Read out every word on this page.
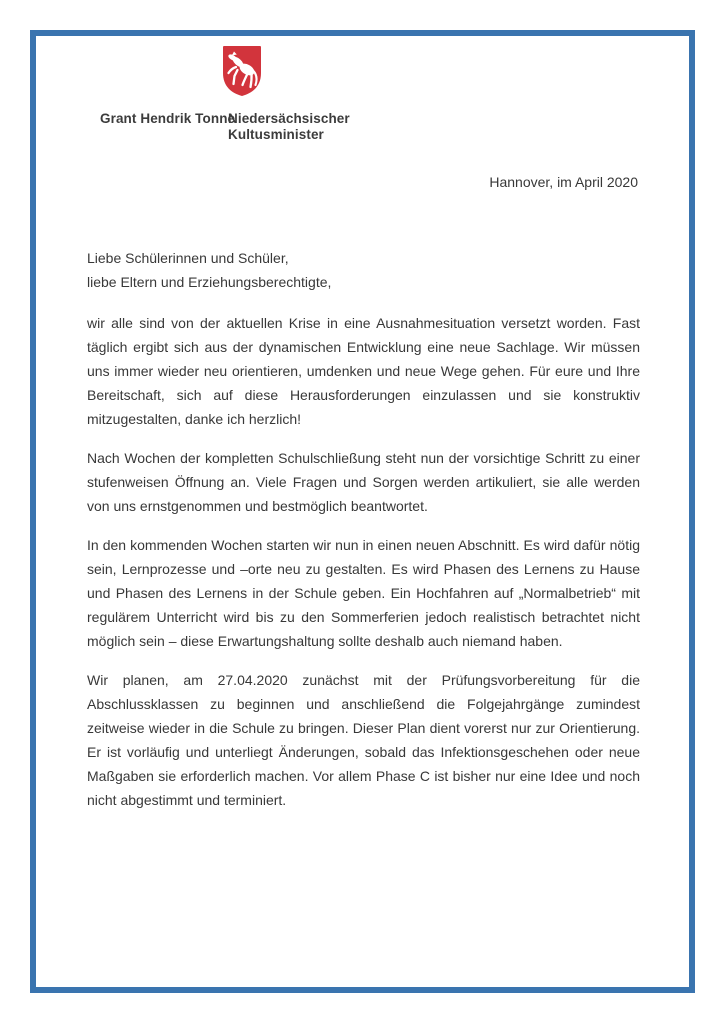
Grant Hendrik Tonne
Niedersächsischer
Kultusminister
Hannover, im April 2020

Liebe Schülerinnen und Schüler,
liebe Eltern und Erziehungsberechtigte,

wir alle sind von der aktuellen Krise in eine Ausnahmesituation versetzt worden. Fast täglich ergibt sich aus der dynamischen Entwicklung eine neue Sachlage. Wir müssen uns immer wieder neu orientieren, umdenken und neue Wege gehen. Für eure und Ihre Bereitschaft, sich auf diese Herausforderungen einzulassen und sie konstruktiv mitzugestalten, danke ich herzlich!

Nach Wochen der kompletten Schulschließung steht nun der vorsichtige Schritt zu einer stufenweisen Öffnung an. Viele Fragen und Sorgen werden artikuliert, sie alle werden von uns ernstgenommen und bestmöglich beantwortet.

In den kommenden Wochen starten wir nun in einen neuen Abschnitt. Es wird dafür nötig sein, Lernprozesse und –orte neu zu gestalten. Es wird Phasen des Lernens zu Hause und Phasen des Lernens in der Schule geben. Ein Hochfahren auf „Normalbetrieb“ mit regulärem Unterricht wird bis zu den Sommerferien jedoch realistisch betrachtet nicht möglich sein – diese Erwartungshaltung sollte deshalb auch niemand haben.

Wir planen, am 27.04.2020 zunächst mit der Prüfungsvorbereitung für die Abschlussklassen zu beginnen und anschließend die Folgejahrgänge zumindest zeitweise wieder in die Schule zu bringen. Dieser Plan dient vorerst nur zur Orientierung. Er ist vorläufig und unterliegt Änderungen, sobald das Infektionsgeschehen oder neue Maßgaben sie erforderlich machen. Vor allem Phase C ist bisher nur eine Idee und noch nicht abgestimmt und terminiert.
